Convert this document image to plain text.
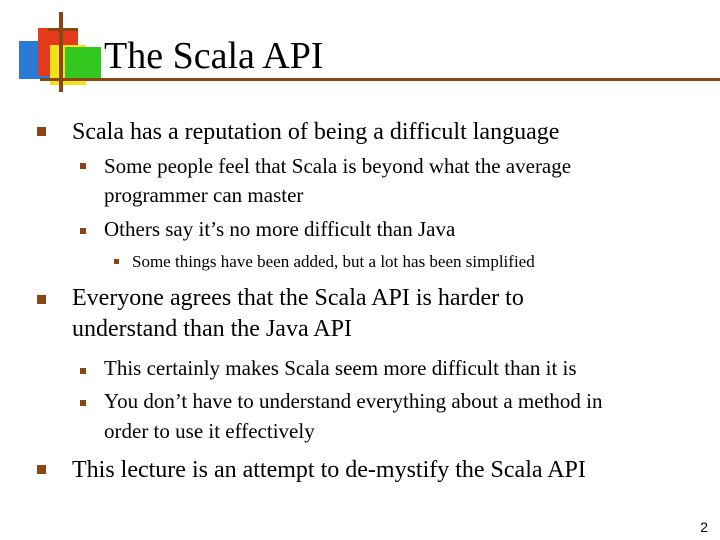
The Scala API
Scala has a reputation of being a difficult language
Some people feel that Scala is beyond what the average
programmer can master
Others say it’s no more difficult than Java
Some things have been added, but a lot has been simplified
Everyone agrees that the Scala API is harder to
understand than the Java API
This certainly makes Scala seem more difficult than it is
You don’t have to understand everything about a method in
order to use it effectively
This lecture is an attempt to de-mystify the Scala API
2
